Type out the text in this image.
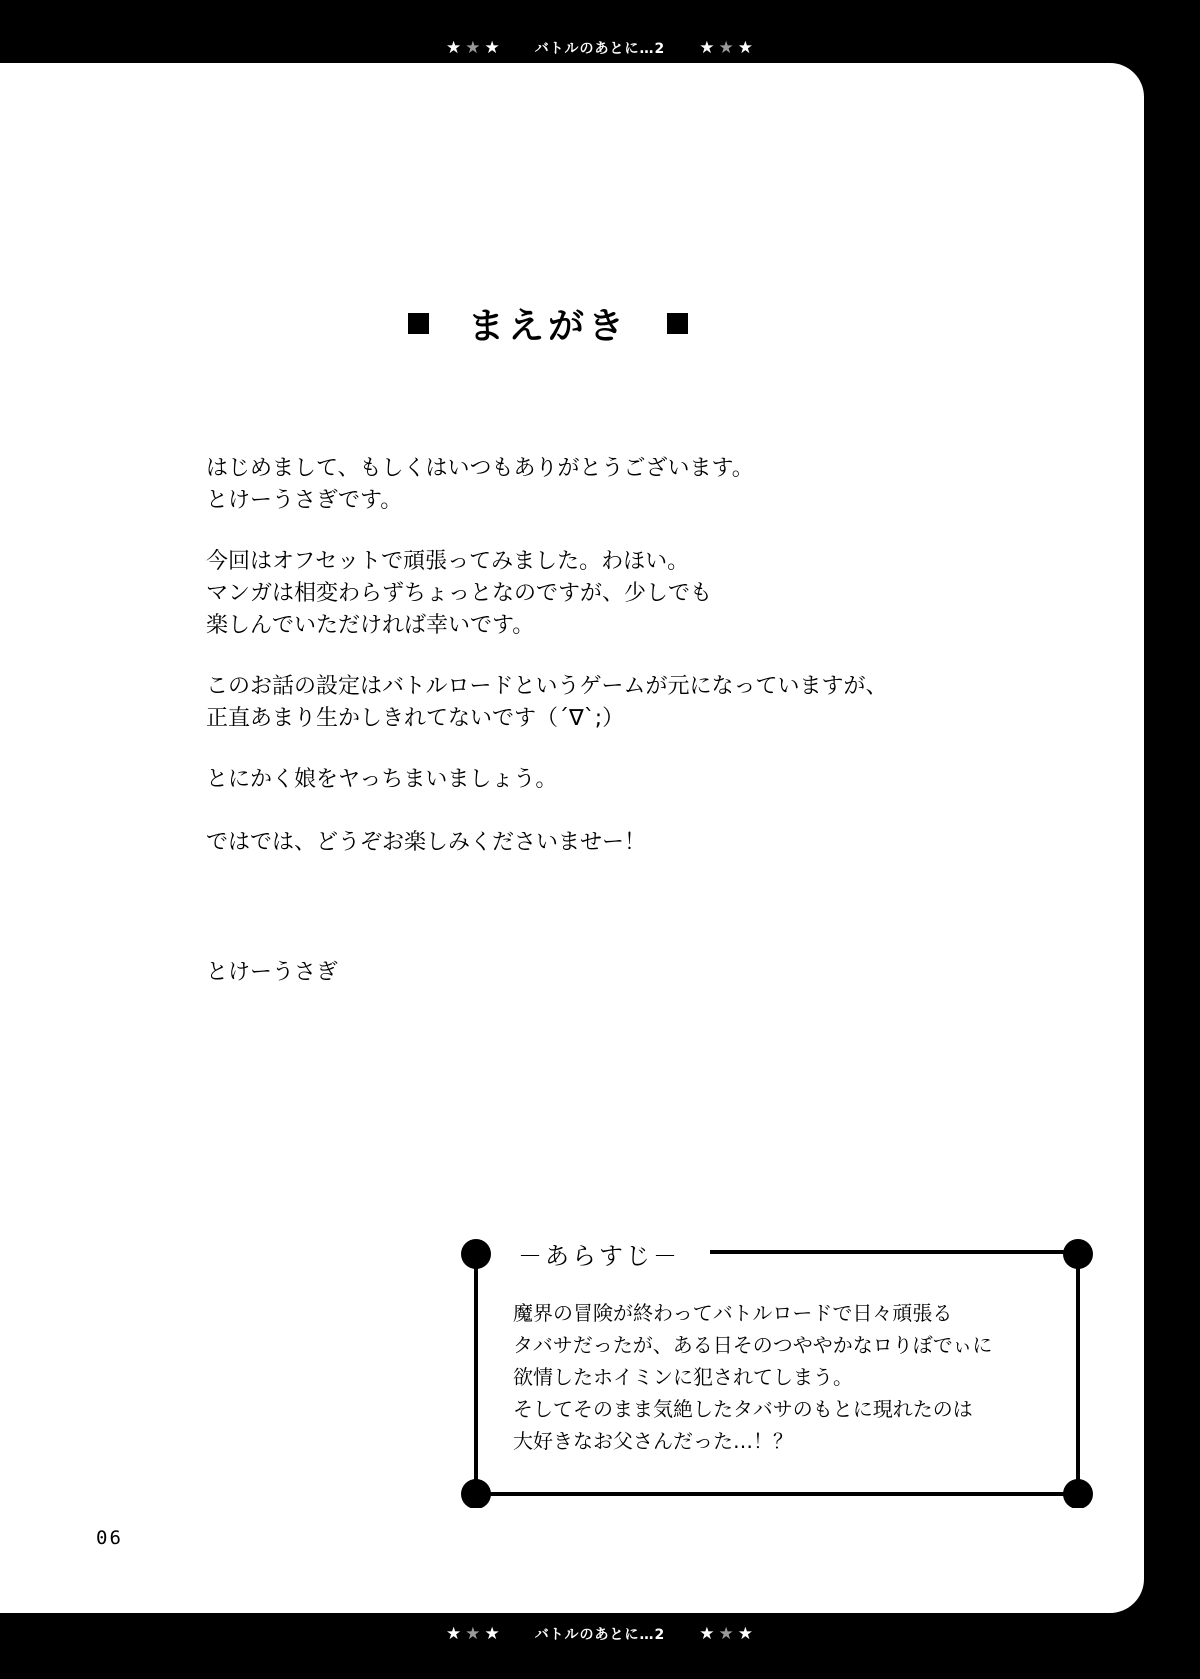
★ ★ ★ バトルのあとに…2 ★ ★ ★
まえがき
はじめまして、もしくはいつもありがとうございます。
とけーうさぎです。
今回はオフセットで頑張ってみました。わほい。
マンガは相変わらずちょっとなのですが、少しでも
楽しんでいただければ幸いです。
このお話の設定はバトルロードというゲームが元になっていますが、
正直あまり生かしきれてないです（´∇`;）
とにかく娘をヤっちまいましょう。
ではでは、どうぞお楽しみくださいませー！
とけーうさぎ
－あらすじ－
魔界の冒険が終わってバトルロードで日々頑張る
タバサだったが、ある日そのつややかなロりぼでぃに
欲情したホイミンに犯されてしまう。
そしてそのまま気絶したタバサのもとに現れたのは
大好きなお父さんだった…！？
06
★ ★ ★ バトルのあとに…2 ★ ★ ★
